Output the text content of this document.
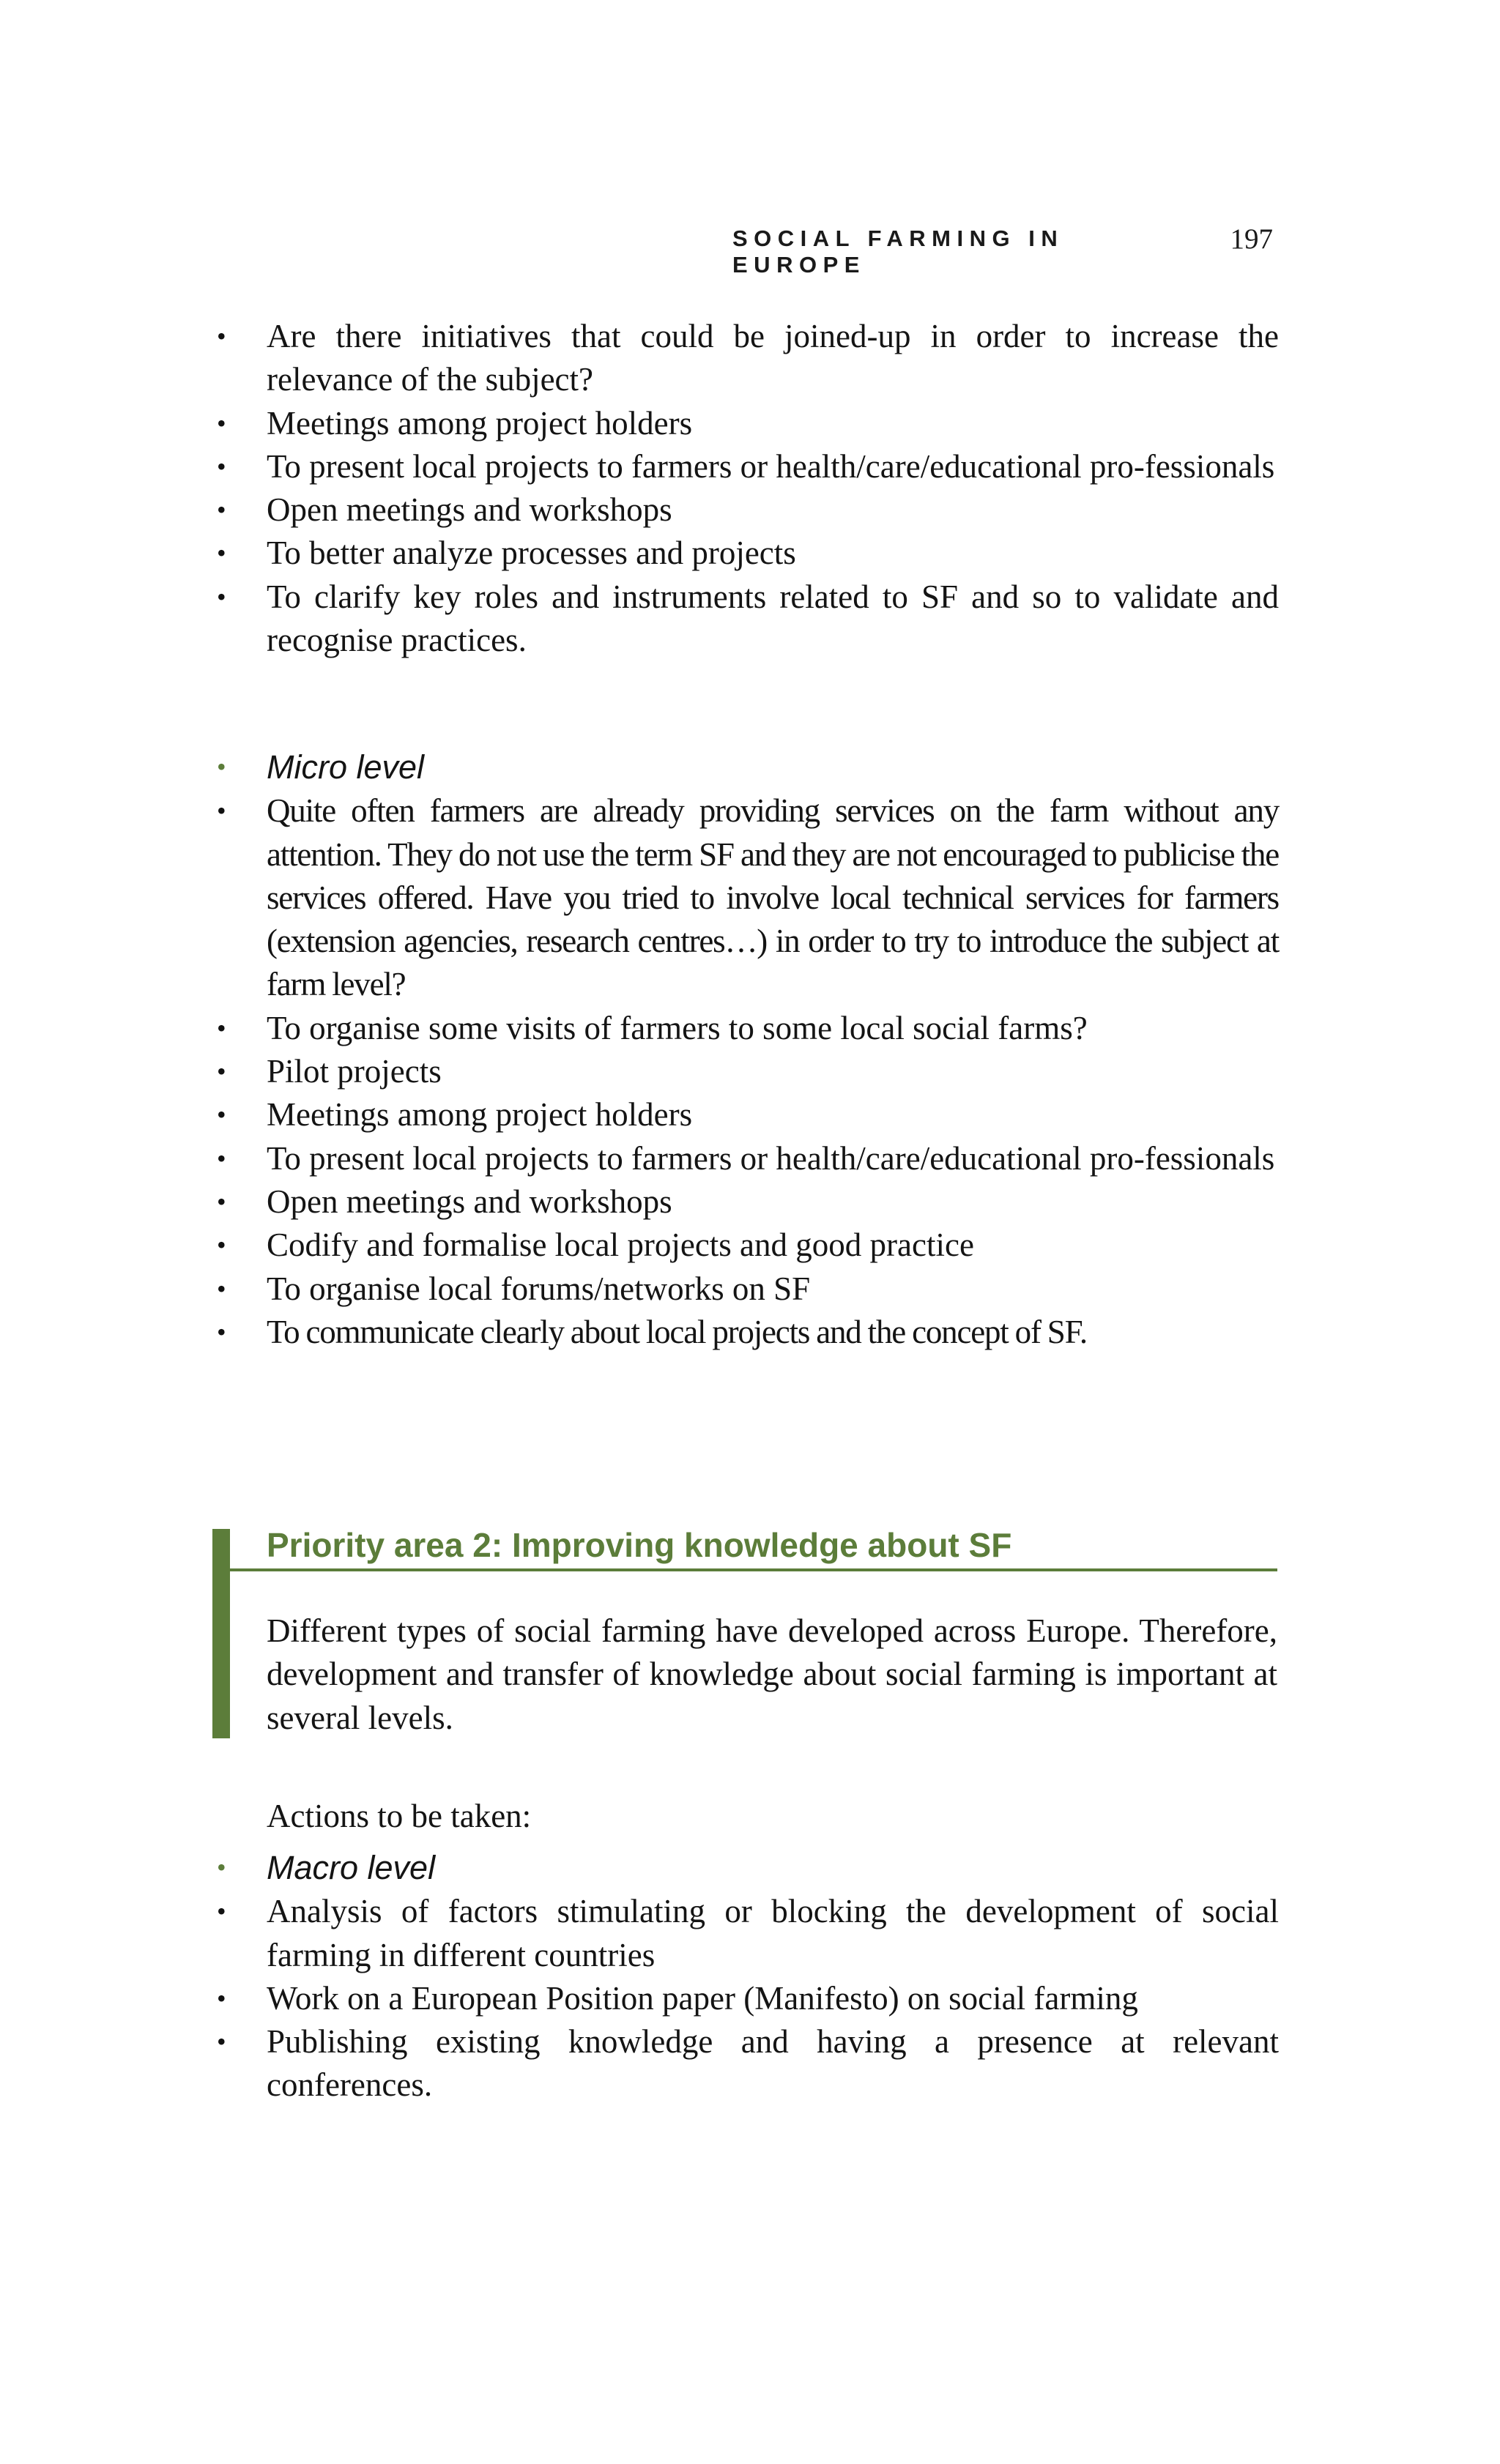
SOCIAL FARMING IN EUROPE
197
•	Are there initiatives that could be joined-up in order to increase the relevance of the subject?
•	Meetings among project holders
•	To present local projects to farmers or health/care/educational pro-fessionals
•	Open meetings and workshops
•	To better analyze processes and projects
•	To clarify key roles and instruments related to SF and so to validate and recognise practices.
•	Micro level
•	Quite often farmers are already providing services on the farm without any attention. They do not use the term SF and they are not encouraged to publicise the services offered. Have you tried to involve local technical services for farmers (extension agencies, research centres…) in order to try to introduce the subject at farm level?
•	To organise some visits of farmers to some local social farms?
•	Pilot projects
•	Meetings among project holders
•	To present local projects to farmers or health/care/educational pro-fessionals
•	Open meetings and workshops
•	Codify and formalise local projects and good practice
•	To organise local forums/networks on SF
•	To communicate clearly about local projects and the concept of SF.
Priority area 2: Improving knowledge about SF
Different types of social farming have developed across Europe. Therefore, development and transfer of knowledge about social farming is important at several levels.
Actions to be taken:
•	Macro level
•	Analysis of factors stimulating or blocking the development of social farming in different countries
•	Work on a European Position paper (Manifesto) on social farming
•	Publishing existing knowledge and having a presence at relevant conferences.
